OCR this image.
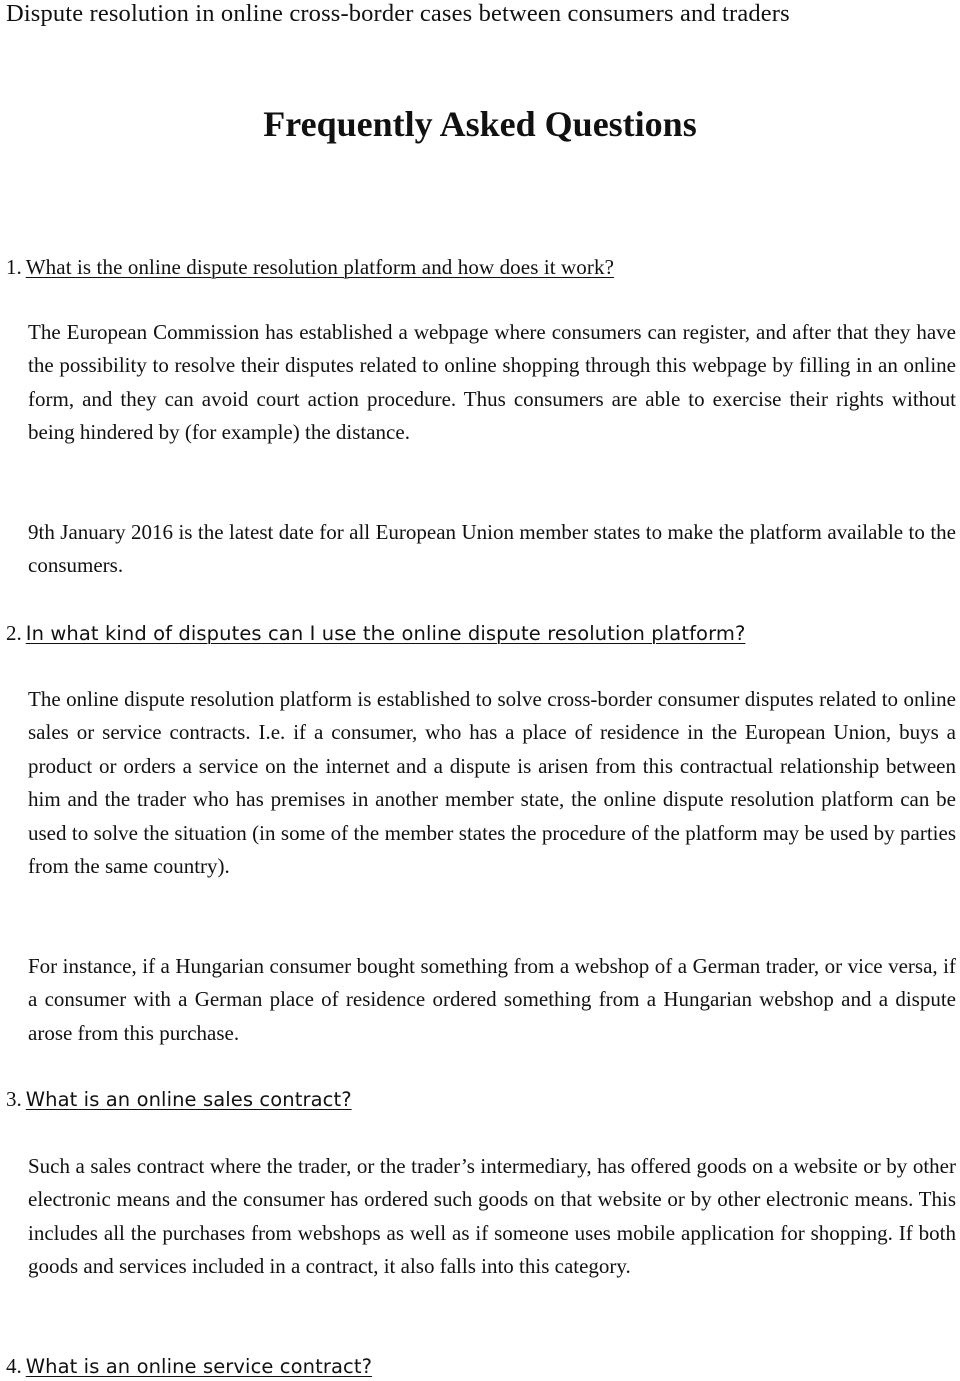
Dispute resolution in online cross-border cases between consumers and traders
Frequently Asked Questions
1. What is the online dispute resolution platform and how does it work?

The European Commission has established a webpage where consumers can register, and after that they have the possibility to resolve their disputes related to online shopping through this webpage by filling in an online form, and they can avoid court action procedure. Thus consumers are able to exercise their rights without being hindered by (for example) the distance.

9th January 2016 is the latest date for all European Union member states to make the platform available to the consumers.

2. In what kind of disputes can I use the online dispute resolution platform?

The online dispute resolution platform is established to solve cross-border consumer disputes related to online sales or service contracts. I.e. if a consumer, who has a place of residence in the European Union, buys a product or orders a service on the internet and a dispute is arisen from this contractual relationship between him and the trader who has premises in another member state, the online dispute resolution platform can be used to solve the situation (in some of the member states the procedure of the platform may be used by parties from the same country).

For instance, if a Hungarian consumer bought something from a webshop of a German trader, or vice versa, if a consumer with a German place of residence ordered something from a Hungarian webshop and a dispute arose from this purchase.

3. What is an online sales contract?

Such a sales contract where the trader, or the trader’s intermediary, has offered goods on a website or by other electronic means and the consumer has ordered such goods on that website or by other electronic means. This includes all the purchases from webshops as well as if someone uses mobile application for shopping. If both goods and services included in a contract, it also falls into this category.

4. What is an online service contract?
